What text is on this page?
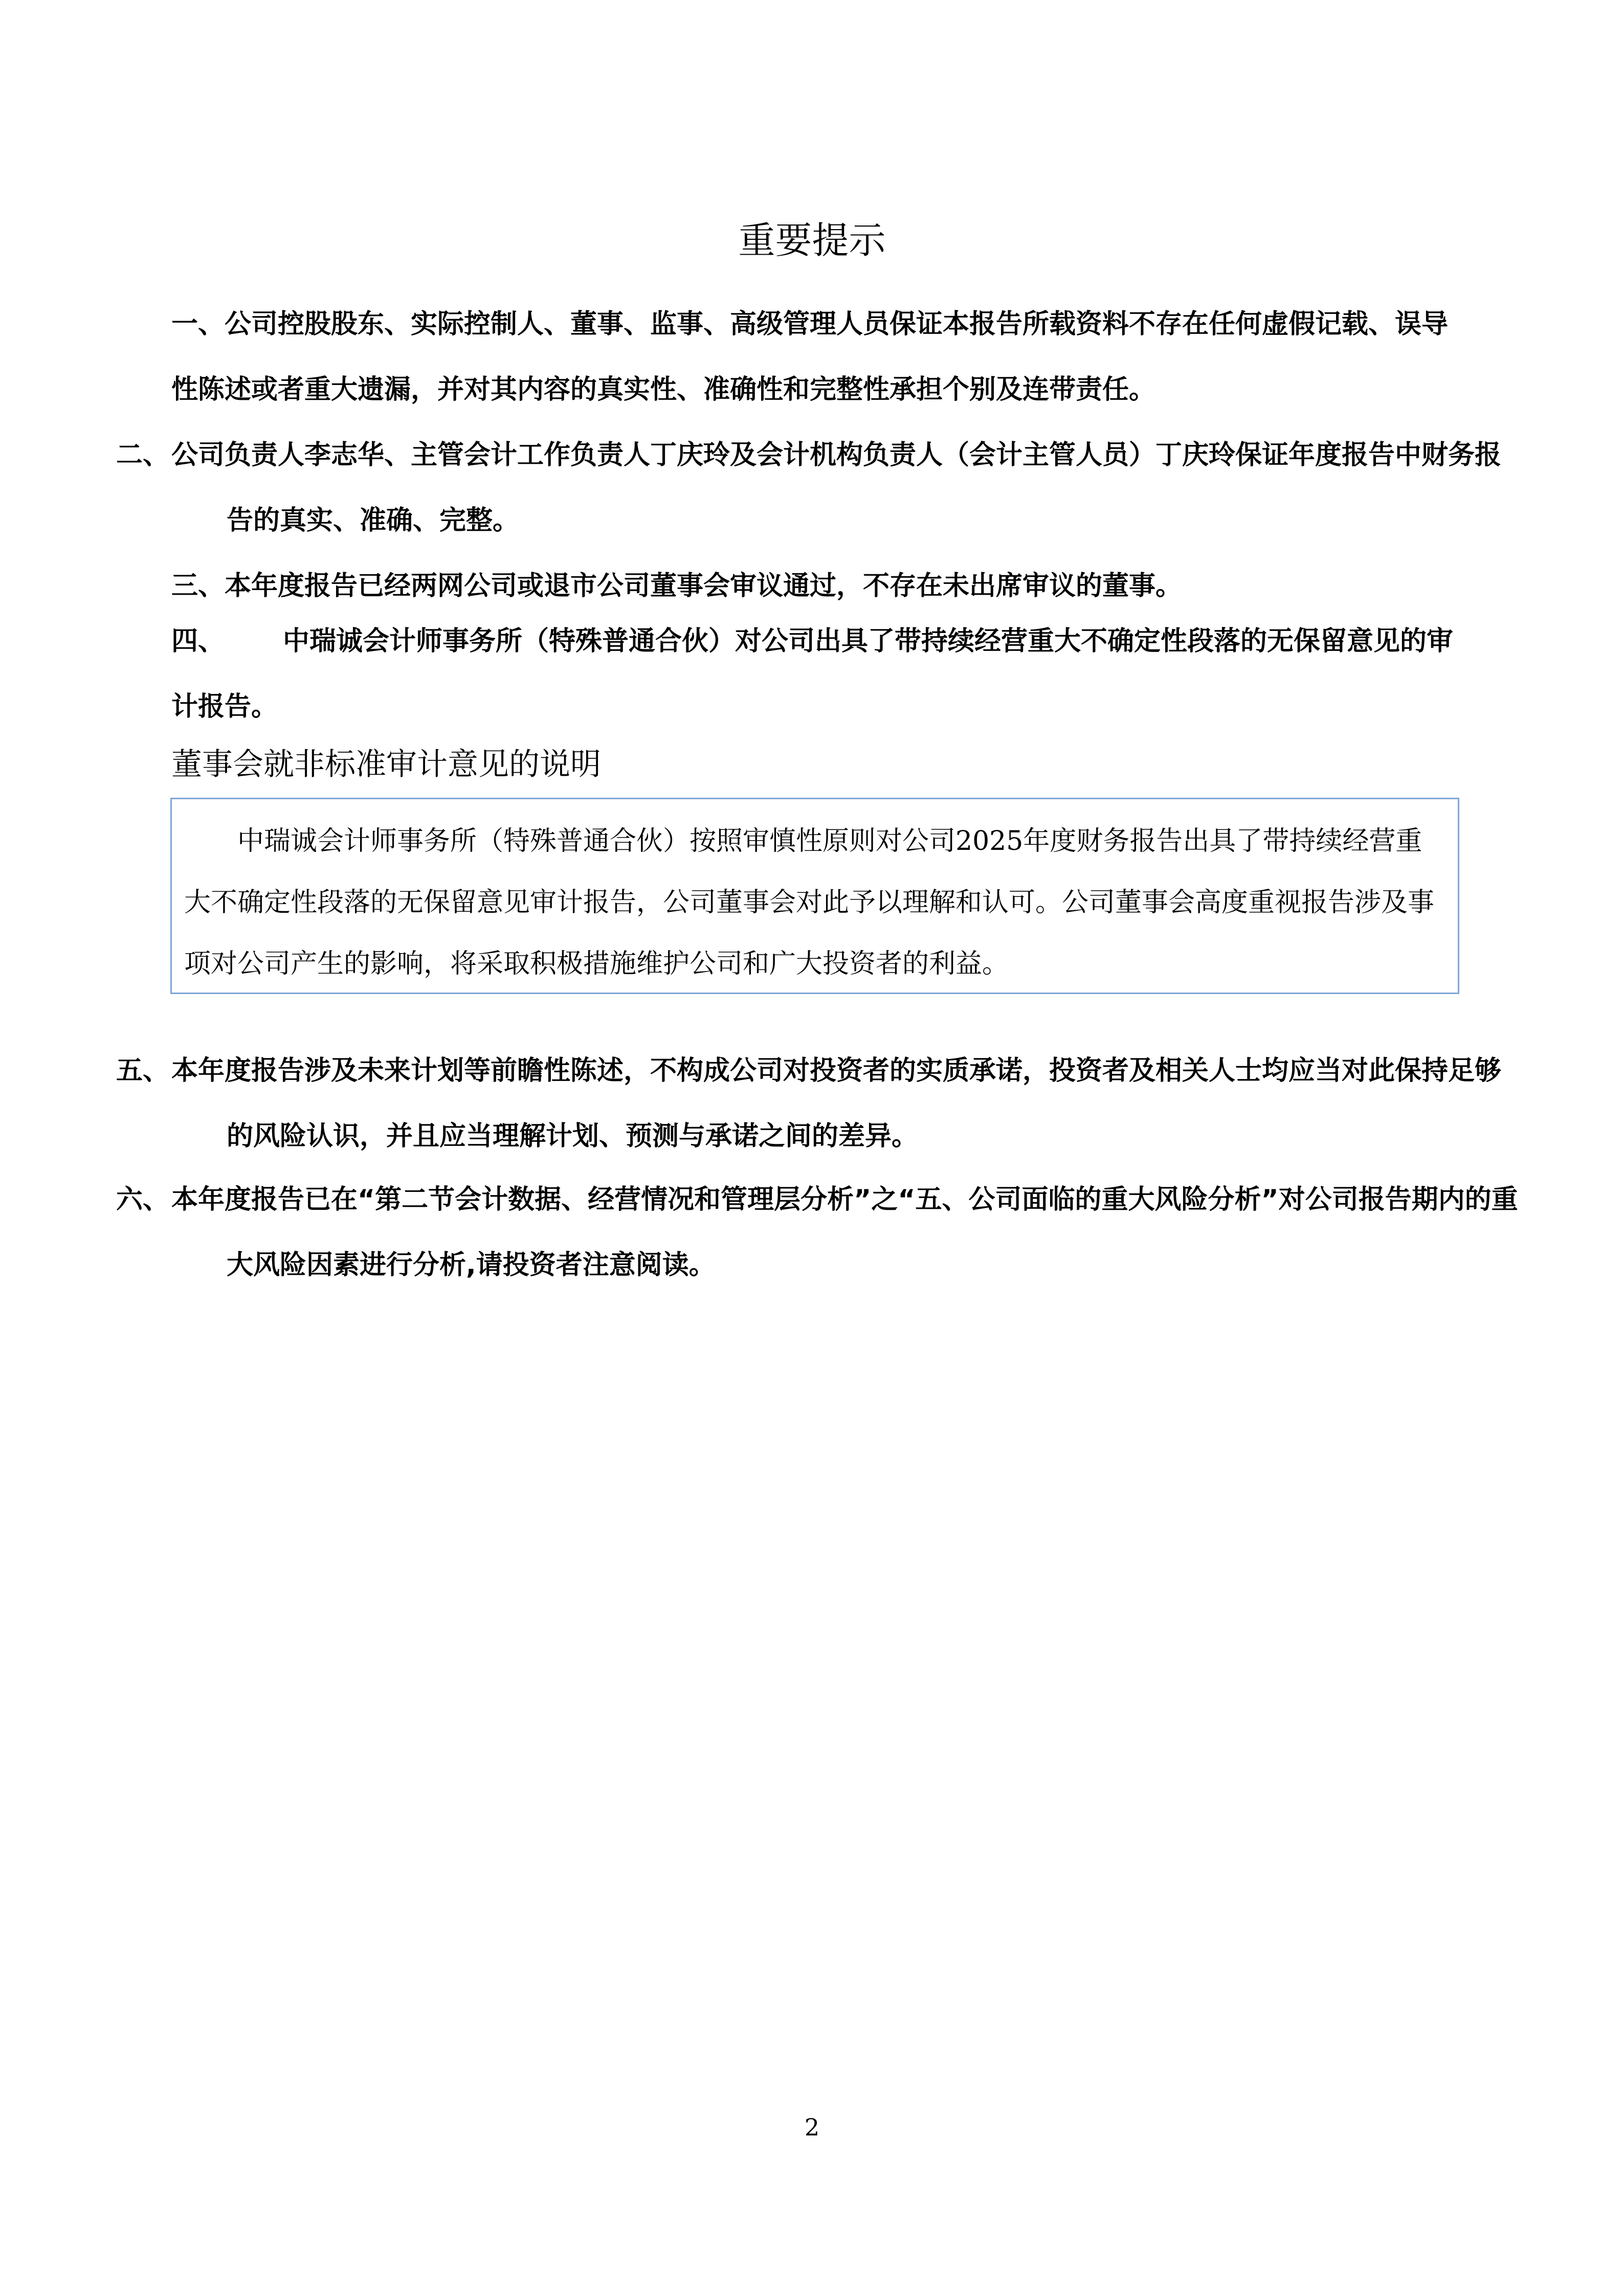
重要提示

一、公司控股股东、实际控制人、董事、监事、高级管理人员保证本报告所载资料不存在任何虚假记载、误导性陈述或者重大遗漏，并对其内容的真实性、准确性和完整性承担个别及连带责任。

二、公司负责人李志华、主管会计工作负责人丁庆玲及会计机构负责人（会计主管人员）丁庆玲保证年度报告中财务报告的真实、准确、完整。

三、本年度报告已经两网公司或退市公司董事会审议通过，不存在未出席审议的董事。

四、 中瑞诚会计师事务所（特殊普通合伙）对公司出具了带持续经营重大不确定性段落的无保留意见的审计报告。

董事会就非标准审计意见的说明

中瑞诚会计师事务所（特殊普通合伙）按照审慎性原则对公司2025年度财务报告出具了带持续经营重大不确定性段落的无保留意见审计报告，公司董事会对此予以理解和认可。公司董事会高度重视报告涉及事项对公司产生的影响，将采取积极措施维护公司和广大投资者的利益。

五、本年度报告涉及未来计划等前瞻性陈述，不构成公司对投资者的实质承诺，投资者及相关人士均应当对此保持足够的风险认识，并且应当理解计划、预测与承诺之间的差异。

六、本年度报告已在“第二节会计数据、经营情况和管理层分析”之“五、公司面临的重大风险分析”对公司报告期内的重大风险因素进行分析,请投资者注意阅读。

2
